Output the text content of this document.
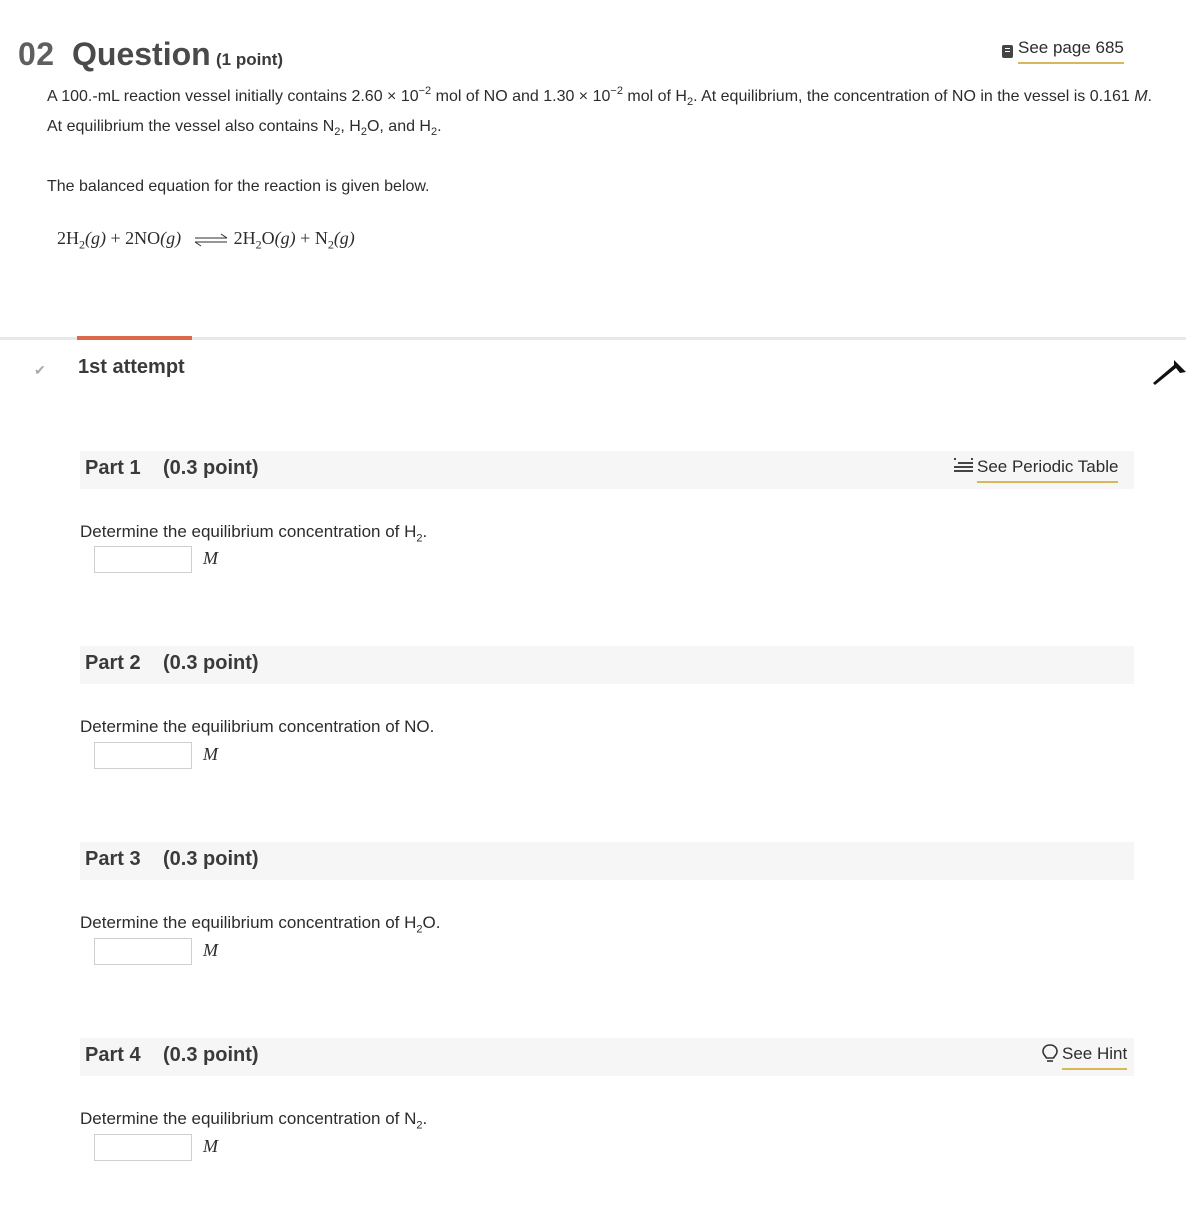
02 Question (1 point)
See page 685
A 100.-mL reaction vessel initially contains $2.60 \times 10^{-2}$ mol of NO and $1.30 \times 10^{-2}$ mol of $H_2$. At equilibrium, the concentration of NO in the vessel is 0.161 M. At equilibrium the vessel also contains $N_2$, $H_2O$, and $H_2$.
The balanced equation for the reaction is given below.
$2H_2(g) + 2NO(g)$ ⇌ $2H_2O(g) + N_2(g)$
✔ 1st attempt
Part 1 (0.3 point)	See Periodic Table
Determine the equilibrium concentration of $H_2$.
M
Part 2 (0.3 point)
Determine the equilibrium concentration of NO.
M
Part 3 (0.3 point)
Determine the equilibrium concentration of $H_2O$.
M
Part 4 (0.3 point)	See Hint
Determine the equilibrium concentration of $N_2$.
M
